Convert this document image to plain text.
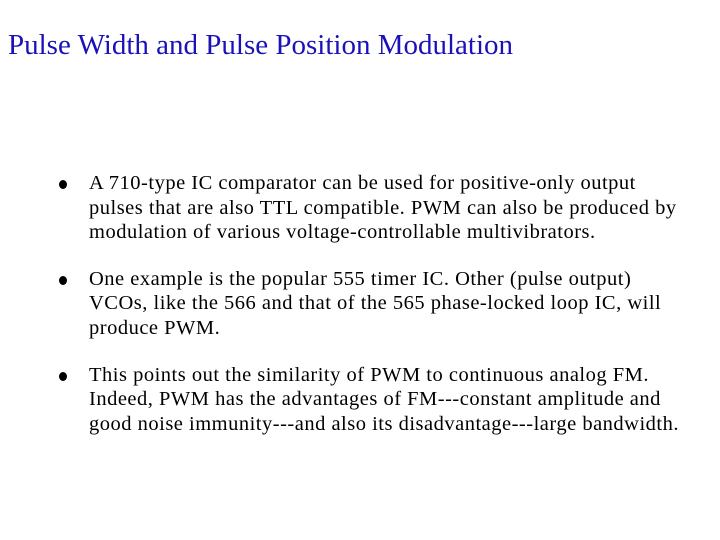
Pulse Width and Pulse Position Modulation
A 710-type IC comparator can be used for positive-only output pulses that are also TTL compatible. PWM can also be produced by modulation of various voltage-controllable multivibrators.
One example is the popular 555 timer IC. Other (pulse output) VCOs, like the 566 and that of the 565 phase-locked loop IC, will produce PWM.
This points out the similarity of PWM to continuous analog FM. Indeed, PWM has the advantages of FM---constant amplitude and good noise immunity---and also its disadvantage---large bandwidth.
